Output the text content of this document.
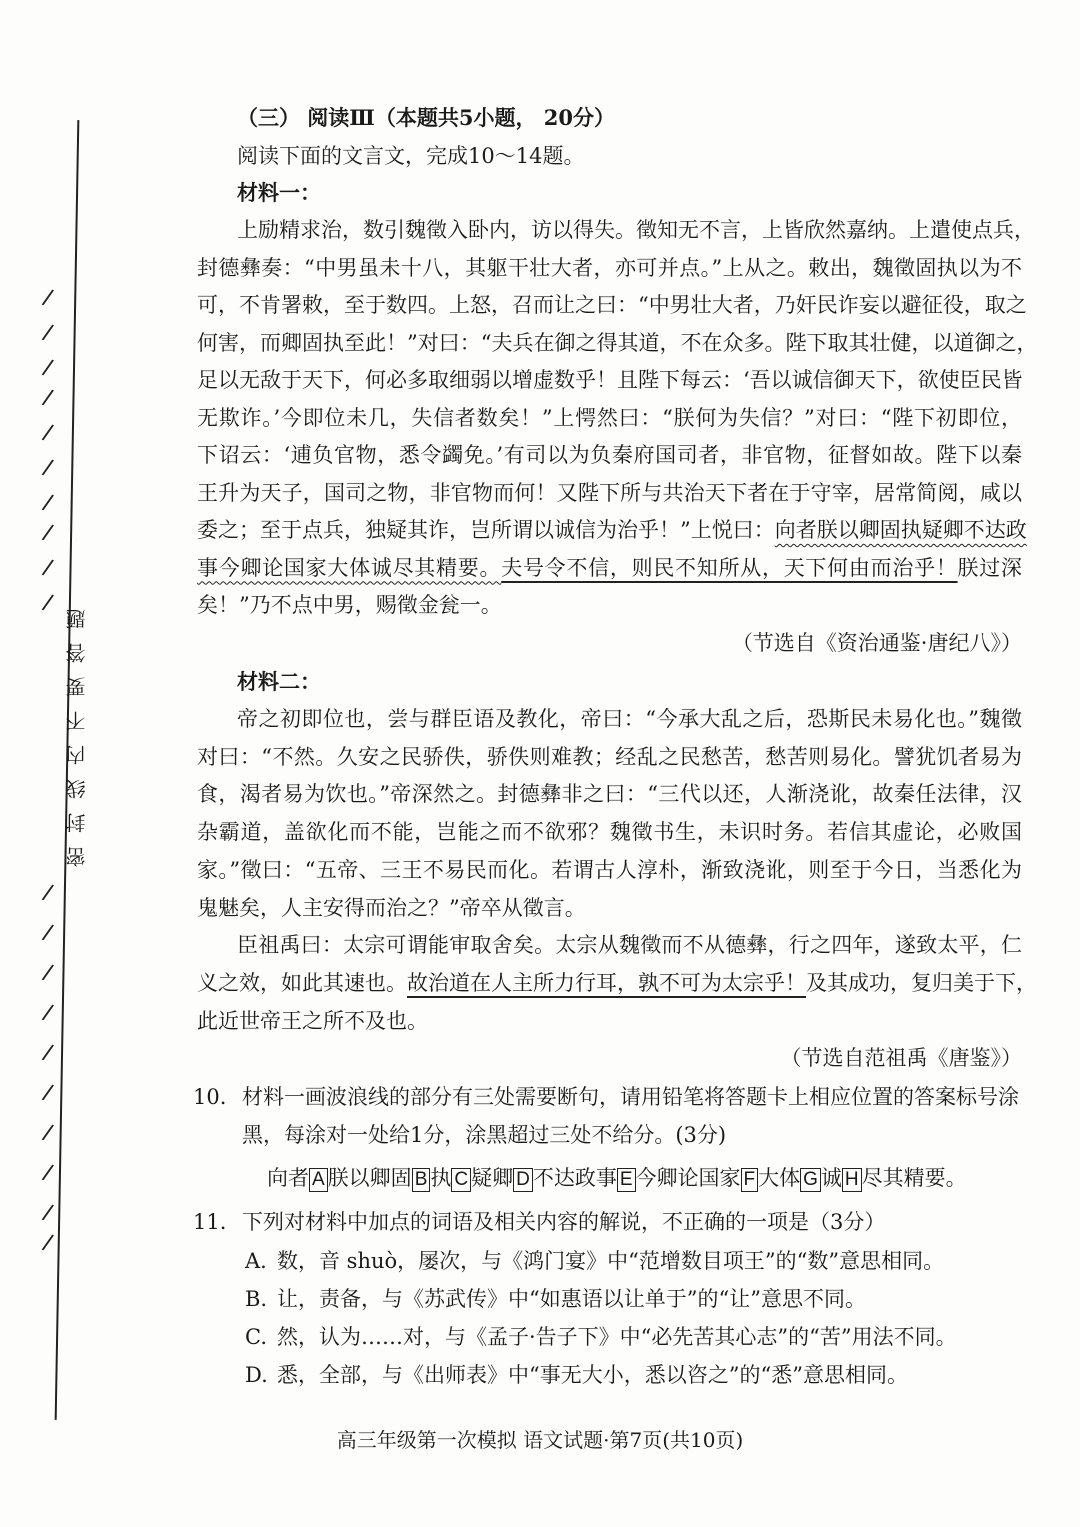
密封线内不要答题
/
/
/
/
/
/
/
/
/
/
/
/
/
/
/
/
/
/
/
/
（三） 阅读Ⅲ（本题共5小题， 20分）
阅读下面的文言文，完成10～14题。
材料一：
上励精求治，数引魏徵入卧内，访以得失。徵知无不言，上皆欣然嘉纳。上遣使点兵，
封德彝奏：“中男虽未十八，其躯干壮大者，亦可并点。”上从之。敕出，魏徵固执以为不
可，不肯署敕，至于数四。上怒，召而让之曰：“中男壮大者，乃奸民诈妄以避征役，取之
何害，而卿固执至此！”对曰：“夫兵在御之得其道，不在众多。陛下取其壮健，以道御之，
足以无敌于天下，何必多取细弱以增虚数乎！且陛下每云：‘吾以诚信御天下，欲使臣民皆
无欺诈。’今即位未几，失信者数矣！”上愕然曰：“朕何为失信？”对曰：“陛下初即位，
下诏云：‘逋负官物，悉令蠲免。’有司以为负秦府国司者，非官物，征督如故。陛下以秦
王升为天子，国司之物，非官物而何！又陛下所与共治天下者在于守宰，居常简阅，咸以
委之；至于点兵，独疑其诈，岂所谓以诚信为治乎！”上悦曰：向者朕以卿固执疑卿不达政
事今卿论国家大体诚尽其精要。夫号令不信，则民不知所从，天下何由而治乎！朕过深
矣！”乃不点中男，赐徵金瓮一。
（节选自《资治通鉴·唐纪八》）
材料二：
帝之初即位也，尝与群臣语及教化，帝曰：“今承大乱之后，恐斯民未易化也。”魏徵
对曰：“不然。久安之民骄佚，骄佚则难教；经乱之民愁苦，愁苦则易化。譬犹饥者易为
食，渴者易为饮也。”帝深然之。封德彝非之曰：“三代以还，人渐浇讹，故秦任法律，汉
杂霸道，盖欲化而不能，岂能之而不欲邪？魏徵书生，未识时务。若信其虚论，必败国
家。”徵曰：“五帝、三王不易民而化。若谓古人淳朴，渐致浇讹，则至于今日，当悉化为
鬼魅矣，人主安得而治之？”帝卒从徵言。
臣祖禹曰：太宗可谓能审取舍矣。太宗从魏徵而不从德彝，行之四年，遂致太平，仁
义之效，如此其速也。故治道在人主所力行耳，孰不可为太宗乎！及其成功，复归美于下，
此近世帝王之所不及也。
（节选自范祖禹《唐鉴》）
10. 材料一画波浪线的部分有三处需要断句，请用铅笔将答题卡上相应位置的答案标号涂
黑，每涂对一处给1分，涂黑超过三处不给分。(3分)
向者 A 朕以卿固 B 执 C 疑卿 D 不达政事 E 今卿论国家 F 大体 G 诚 H 尽其精要。
11. 下列对材料中加点的词语及相关内容的解说，不正确的一项是（3分）
A. 数，音 shuò，屡次，与《鸿门宴》中“范增数目项王”的“数”意思相同。
B. 让，责备，与《苏武传》中“如惠语以让单于”的“让”意思不同。
C. 然，认为……对，与《孟子·告子下》中“必先苦其心志”的“苦”用法不同。
D. 悉，全部，与《出师表》中“事无大小，悉以咨之”的“悉”意思相同。
高三年级第一次模拟 语文试题·第7页(共10页)
